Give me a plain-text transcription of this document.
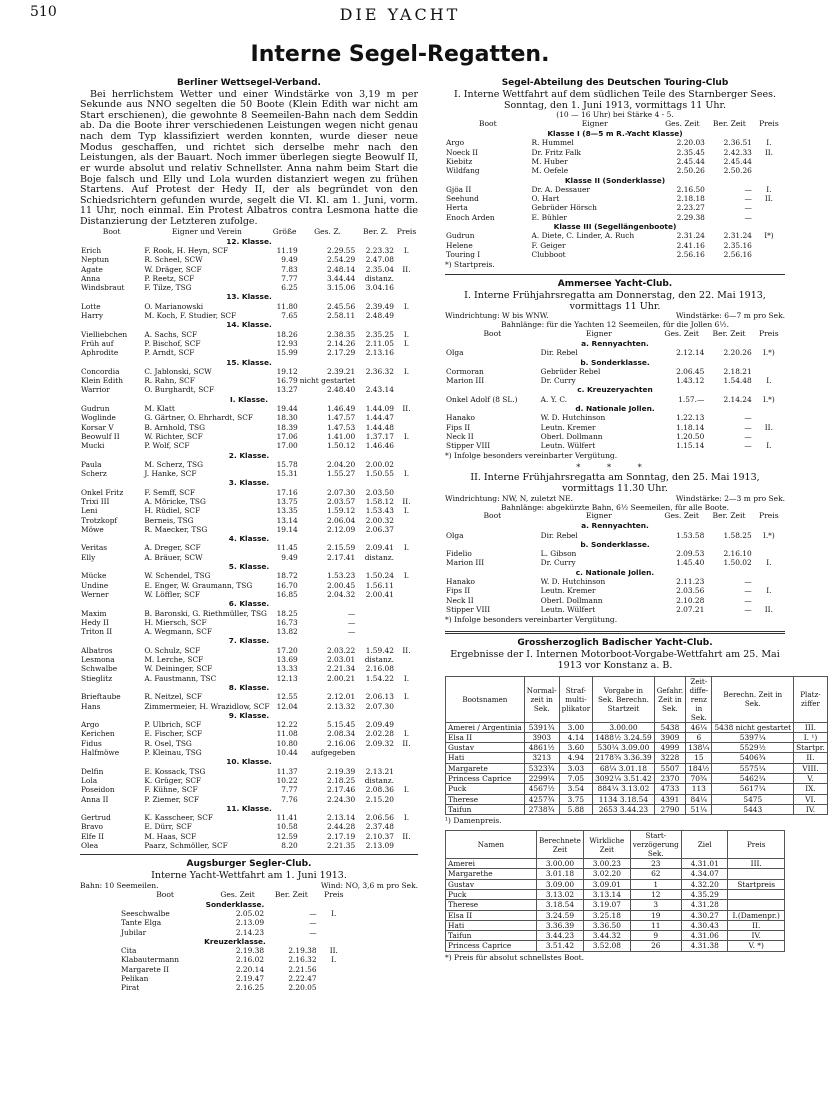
510	DIE YACHT
Interne Segel-Regatten.
Berliner Wettsegel-Verband.
Bei herrlichstem Wetter und einer Windstärke von 3,19 m per Sekunde aus NNO segelten die 50 Boote (Klein Edith war nicht am Start erschienen), die gewohnte 8 Seemeilen-Bahn nach dem Seddin ab. Da die Boote ihrer verschiedenen Leistungen wegen nicht genau nach dem Typ klassifiziert werden konnten, wurde dieser neue Modus geschaffen, und richtet sich derselbe mehr nach den Leistungen, als der Bauart. Noch immer überlegen siegte Beowulf II, er wurde absolut und relativ Schnellster. Anna nahm beim Start die Boje falsch und Elly und Lola wurden distanziert wegen zu frühen Startens. Auf Protest der Hedy II, der als begründet von den Schiedsrichtern gefunden wurde, segelt die VI. Kl. am 1. Juni, vorm. 11 Uhr, noch einmal. Ein Protest Albatros contra Lesmona hatte die Distanzierung der Letzteren zufolge.
Boot	Eigner und Verein	Größe	Ges. Z.	Ber. Z.	Preis
12. Klasse.					
Erich	F. Rook, H. Heyn, SCF	11.19	2.29.55	2.23.32	I.
Neptun	R. Scheel, SCW	9.49	2.54.29	2.47.08	
Agate	W. Dräger, SCF	7.83	2.48.14	2.35.04	II.
Anna	P. Reetz, SCF	7.77	3.44.44	distanz.	
Windsbraut	F. Tilze, TSG	6.25	3.15.06	3.04.16	
13. Klasse.					
Lotte	O. Marianowski	11.80	2.45.56	2.39.49	I.
Harry	M. Koch, F. Studier, SCF	7.65	2.58.11	2.48.49	
14. Klasse.					
Vielliebchen	A. Sachs, SCF	18.26	2.38.35	2.35.25	I.
Früh auf	P. Bischof, SCF	12.93	2.14.26	2.11.05	I.
Aphrodite	P. Arndt, SCF	15.99	2.17.29	2.13.16	
15. Klasse.					
Concordia	C. Jablonski, SCW	19.12	2.39.21	2.36.32	I.
Klein Edith	R. Rahn, SCF	16.79	nicht gestartet		
Warrior	O. Burghardt, SCF	13.27	2.48.40	2.43.14	
I. Klasse.					
Gudrun	M. Klatt	19.44	1.46.49	1.44.09	II.
Woglinde	G. Gärtner, O. Ehrhardt, SCF	18.30	1.47.57	1.44.47	
Korsar V	B. Arnhold, TSG	18.39	1.47.53	1.44.48	
Beowulf II	W. Richter, SCF	17.06	1.41.00	1.37.17	I.
Mucki	P. Wolf, SCF	17.00	1.50.12	1.46.46	
2. Klasse.					
Paula	M. Scherz, TSG	15.78	2.04.20	2.00.02	
Scherz	J. Hanke, SCF	15.31	1.55.27	1.50.55	I.
3. Klasse.					
Onkel Fritz	F. Semff, SCF	17.16	2.07.30	2.03.50	
Trixi III	A. Möricke, TSG	13.75	2.03.57	1.58.12	II.
Leni	H. Rüdiel, SCF	13.35	1.59.12	1.53.43	I.
Trotzkopf	Berneis, TSG	13.14	2.06.04	2.00.32	
Möwe	R. Maecker, TSG	19.14	2.12.09	2.06.37	
4. Klasse.					
Veritas	A. Dreger, SCF	11.45	2.15.59	2.09.41	I.
Elly	A. Bräuer, SCW	9.49	2.17.41	distanz.	
5. Klasse.					
Mücke	W. Schendel, TSG	18.72	1.53.23	1.50.24	I.
Undine	E. Enger, W. Graumann, TSG	16.70	2.00.45	1.56.11	
Werner	W. Löffler, SCF	16.85	2.04.32	2.00.41	
6. Klasse.					
Maxim	B. Baronski, G. Riethmüller, TSG	18.25	—		
Hedy II	H. Miersch, SCF	16.73	—		
Triton II	A. Wegmann, SCF	13.82	—		
7. Klasse.					
Albatros	O. Schulz, SCF	17.20	2.03.22	1.59.42	II.
Lesmona	M. Lerche, SCF	13.69	2.03.01	distanz.	
Schwalbe	W. Deininger, SCF	13.33	2.21.34	2.16.08	
Stieglitz	A. Faustmann, TSC	12.13	2.00.21	1.54.22	I.
8. Klasse.					
Brieftaube	R. Neitzel, SCF	12.55	2.12.01	2.06.13	I.
Hans	Zimmermeier, H. Wrazidlow, SCF	12.04	2.13.32	2.07.30	
9. Klasse.					
Argo	P. Ulbrich, SCF	12.22	5.15.45	2.09.49	
Kerichen	E. Fischer, SCF	11.08	2.08.34	2.02.28	I.
Fidus	R. Osel, TSG	10.80	2.16.06	2.09.32	II.
Halfmöwe	P. Kleinau, TSG	10.44	aufgegeben		
10. Klasse.					
Delfin	E. Kossack, TSG	11.37	2.19.39	2.13.21	
Lola	K. Grüger, SCF	10.22	2.18.25	distanz.	
Poseidon	F. Kühne, SCF	7.77	2.17.46	2.08.36	I.
Anna II	P. Ziemer, SCF	7.76	2.24.30	2.15.20	
11. Klasse.					
Gertrud	K. Kasscheer, SCF	11.41	2.13.14	2.06.56	I.
Bravo	E. Dürr, SCF	10.58	2.44.28	2.37.48	
Elfe II	M. Haas, SCF	12.59	2.17.19	2.10.37	II.
Olea	Paarz, Schmöller, SCF	8.20	2.21.35	2.13.09	
Augsburger Segler-Club.
Interne Yacht-Wettfahrt am 1. Juni 1913.
Bahn: 10 Seemeilen.	Wind: NO, 3,6 m pro Sek.
Boot	Ges. Zeit	Ber. Zeit	Preis
Sonderklasse.			
Seeschwalbe	2.05.02	—	I.
Tante Elga	2.13.09	—	
Jubilar	2.14.23	—	
Kreuzerklasse.			
Cita	2.19.38	2.19.38	II.
Klabautermann	2.16.02	2.16.32	I.
Margarete II	2.20.14	2.21.56	
Pelikan	2.19.47	2.22.47	
Pirat	2.16.25	2.20.05	
Segel-Abteilung des Deutschen Touring-Club
I. Interne Wettfahrt auf dem südlichen Teile des Starnberger Sees. Sonntag, den 1. Juni 1913, vormittags 11 Uhr.
(10 — 16 Uhr) bei Stärke 4 - 5.
Boot	Eigner	Ges. Zeit	Ber. Zeit	Preis
Klasse I (8—5 m R.-Yacht Klasse)				
Argo	R. Hummel	2.20.03	2.36.51	I.
Noeck II	Dr. Fritz Falk	2.35.45	2.42.33	II.
Kiebitz	M. Huber	2.45.44	2.45.44	
Wildfang	M. Oefele	2.50.26	2.50.26	
Klasse II (Sonderklasse)				
Gjöa II	Dr. A. Dessauer	2.16.50	—	I.
Seehund	O. Hart	2.18.18	—	II.
Herta	Gebrüder Hörsch	2.23.27	—	
Enoch Arden	E. Bühler	2.29.38	—	
Klasse III (Segellängenboote)				
Gudrun	A. Diete, C. Linder, A. Ruch	2.31.24	2.31.24	I*)
Helene	F. Geiger	2.41.16	2.35.16	
Touring I	Clubboot	2.56.16	2.56.16	
*) Startpreis.
Ammersee Yacht-Club.
I. Interne Frühjahrsregatta am Donnerstag, den 22. Mai 1913, vormittags 11 Uhr.
Windrichtung: W bis WNW.	Windstärke: 6—7 m pro Sek.
Bahnlänge: für die Yachten 12 Seemeilen, für die Jollen 6½.
Boot	Eigner	Ges. Zeit	Ber. Zeit	Preis
a. Rennyachten.				
Olga	Dir. Rebel	2.12.14	2.20.26	I.*)
b. Sonderklasse.				
Cormoran	Gebrüder Rebel	2.06.45	2.18.21	
Marion III	Dr. Curry	1.43.12	1.54.48	I.
c. Kreuzeryachten				
Onkel Adolf (8 SL.)	A. Y. C.	1.57.—	2.14.24	I.*)
d. Nationale Jollen.				
Hanako	W. D. Hutchinson	1.22.13	—	
Fips II	Leutn. Kremer	1.18.14	—	II.
Neck II	Oberl. Dollmann	1.20.50	—	
Stipper VIII	Leutn. Wülfert	1.15.14	—	I.
*) Infolge besonders vereinbarter Vergütung.
* * *
II. Interne Frühjahrsregatta am Sonntag, den 25. Mai 1913, vormittags 11.30 Uhr.
Windrichtung: NW, N, zuletzt NE.	Windstärke: 2—3 m pro Sek.
Bahnlänge: abgekürzte Bahn, 6½ Seemeilen, für alle Boote.
Boot	Eigner	Ges. Zeit	Ber. Zeit	Preis
a. Rennyachten.				
Olga	Dir. Rebel	1.53.58	1.58.25	I.*)
b. Sonderklasse.				
Fidelio	L. Gibson	2.09.53	2.16.10	
Marion III	Dr. Curry	1.45.40	1.50.02	I.
c. Nationale Jollen.				
Hanako	W. D. Hutchinson	2.11.23	—	
Fips II	Leutn. Kremer	2.03.56	—	I.
Neck II	Oberl. Dollmann	2.10.28	—	
Stipper VIII	Leutn. Wülfert	2.07.21	—	II.
*) Infolge besonders vereinbarter Vergütung.
Grossherzoglich Badischer Yacht-Club.
Ergebnisse der I. Internen Motorboot-Vorgabe-Wettfahrt am 25. Mai 1913 vor Konstanz a. B.
Bootsnamen	Normal-zeit in Sek.	Straf-multi-plikator	Vorgabe in Sek. Berechn. Startzeit	Gefahr. Zeit in Sek.	Zeit-diffe-renz in Sek.	Berechn. Zeit in Sek.	Platz-ziffer
Amerei / Argentinia	5391¾	3.00	3.00.00	5438	46¼	5438 nicht gestartet	III.
Elsa II	3903	4.14	1488½ 3.24.59	3909	6	5397¼	I. ¹)
Gustav	4861½	3.60	530¼ 3.09.00	4999	138¼	5529½	Startpr.
Hati	3213	4.94	2178¾ 3.36.39	3228	15	5406¾	II.
Margarete	5323¾	3.03	68¼ 3.01.18	5507	184½	5575¼	VIII.
Princess Caprice	2299¼	7.05	3092¼ 3.51.42	2370	70¾	5462¼	V.
Puck	4567½	3.54	884¼ 3.13.02	4733	113	5617¼	IX.
Therese	4257¾	3.75	1134 3.18.54	4391	84¼	5475	VI.
Taifun	2738¾	5.88	2653 3.44.23	2790	51¼	5443	IV.
¹) Damenpreis.
Namen	Berechnete Zeit	Wirkliche Zeit	Start-verzögerung Sek.	Ziel	Preis
Amerei	3.00.00	3.00.23	23	4.31.01	III.
Margarethe	3.01.18	3.02.20	62	4.34.07	
Gustav	3.09.00	3.09.01	1	4.32.20	Startpreis
Puck	3.13.02	3.13.14	12	4.35.29	
Therese	3.18.54	3.19.07	3	4.31.28	
Elsa II	3.24.59	3.25.18	19	4.30.27	I.(Damenpr.)
Hati	3.36.39	3.36.50	11	4.30.43	II.
Taifun	3.44.23	3.44.32	9	4.31.06	IV.
Princess Caprice	3.51.42	3.52.08	26	4.31.38	V. *)
*) Preis für absolut schnellstes Boot.
